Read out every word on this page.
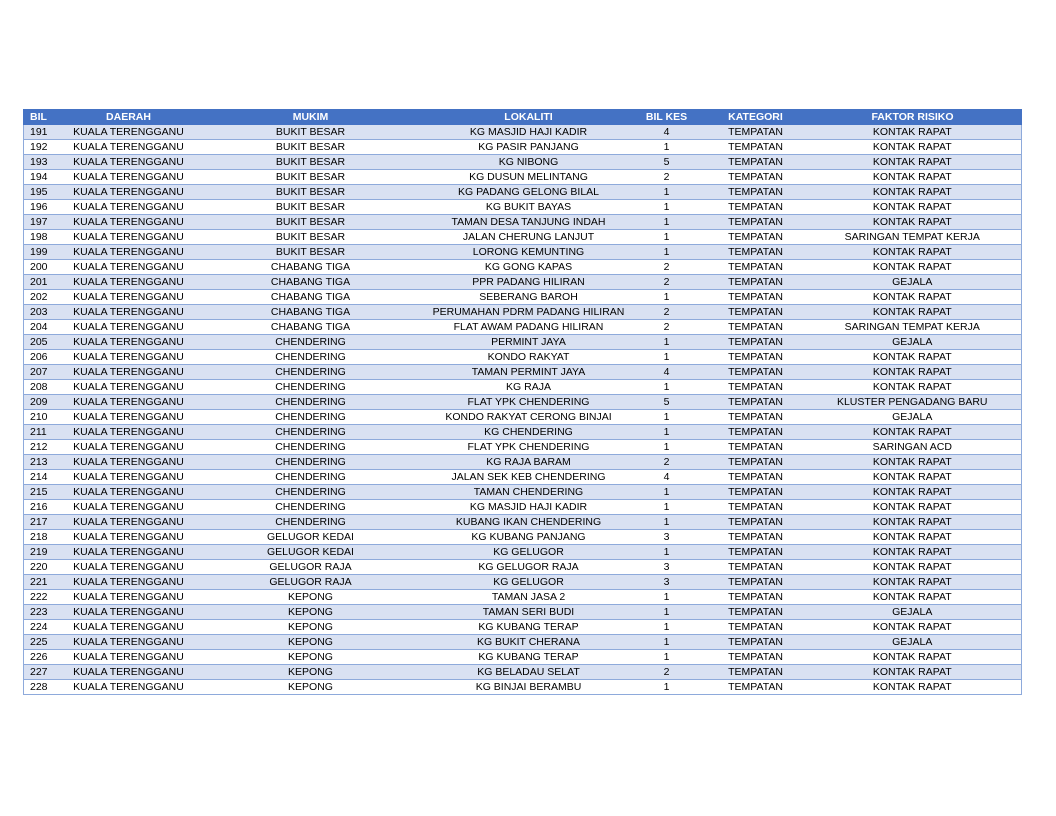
BIL	DAERAH	MUKIM	LOKALITI	BIL KES	KATEGORI	FAKTOR RISIKO
191	KUALA TERENGGANU	BUKIT BESAR	KG MASJID HAJI KADIR	4	TEMPATAN	KONTAK RAPAT
192	KUALA TERENGGANU	BUKIT BESAR	KG PASIR PANJANG	1	TEMPATAN	KONTAK RAPAT
193	KUALA TERENGGANU	BUKIT BESAR	KG NIBONG	5	TEMPATAN	KONTAK RAPAT
194	KUALA TERENGGANU	BUKIT BESAR	KG DUSUN MELINTANG	2	TEMPATAN	KONTAK RAPAT
195	KUALA TERENGGANU	BUKIT BESAR	KG PADANG GELONG BILAL	1	TEMPATAN	KONTAK RAPAT
196	KUALA TERENGGANU	BUKIT BESAR	KG BUKIT BAYAS	1	TEMPATAN	KONTAK RAPAT
197	KUALA TERENGGANU	BUKIT BESAR	TAMAN DESA TANJUNG INDAH	1	TEMPATAN	KONTAK RAPAT
198	KUALA TERENGGANU	BUKIT BESAR	JALAN CHERUNG LANJUT	1	TEMPATAN	SARINGAN TEMPAT KERJA
199	KUALA TERENGGANU	BUKIT BESAR	LORONG KEMUNTING	1	TEMPATAN	KONTAK RAPAT
200	KUALA TERENGGANU	CHABANG TIGA	KG GONG KAPAS	2	TEMPATAN	KONTAK RAPAT
201	KUALA TERENGGANU	CHABANG TIGA	PPR PADANG HILIRAN	2	TEMPATAN	GEJALA
202	KUALA TERENGGANU	CHABANG TIGA	SEBERANG BAROH	1	TEMPATAN	KONTAK RAPAT
203	KUALA TERENGGANU	CHABANG TIGA	PERUMAHAN PDRM PADANG HILIRAN	2	TEMPATAN	KONTAK RAPAT
204	KUALA TERENGGANU	CHABANG TIGA	FLAT AWAM PADANG HILIRAN	2	TEMPATAN	SARINGAN TEMPAT KERJA
205	KUALA TERENGGANU	CHENDERING	PERMINT JAYA	1	TEMPATAN	GEJALA
206	KUALA TERENGGANU	CHENDERING	KONDO RAKYAT	1	TEMPATAN	KONTAK RAPAT
207	KUALA TERENGGANU	CHENDERING	TAMAN PERMINT JAYA	4	TEMPATAN	KONTAK RAPAT
208	KUALA TERENGGANU	CHENDERING	KG RAJA	1	TEMPATAN	KONTAK RAPAT
209	KUALA TERENGGANU	CHENDERING	FLAT YPK CHENDERING	5	TEMPATAN	KLUSTER PENGADANG BARU
210	KUALA TERENGGANU	CHENDERING	KONDO RAKYAT CERONG BINJAI	1	TEMPATAN	GEJALA
211	KUALA TERENGGANU	CHENDERING	KG CHENDERING	1	TEMPATAN	KONTAK RAPAT
212	KUALA TERENGGANU	CHENDERING	FLAT YPK CHENDERING	1	TEMPATAN	SARINGAN ACD
213	KUALA TERENGGANU	CHENDERING	KG RAJA BARAM	2	TEMPATAN	KONTAK RAPAT
214	KUALA TERENGGANU	CHENDERING	JALAN SEK KEB CHENDERING	4	TEMPATAN	KONTAK RAPAT
215	KUALA TERENGGANU	CHENDERING	TAMAN CHENDERING	1	TEMPATAN	KONTAK RAPAT
216	KUALA TERENGGANU	CHENDERING	KG MASJID HAJI KADIR	1	TEMPATAN	KONTAK RAPAT
217	KUALA TERENGGANU	CHENDERING	KUBANG IKAN CHENDERING	1	TEMPATAN	KONTAK RAPAT
218	KUALA TERENGGANU	GELUGOR KEDAI	KG KUBANG PANJANG	3	TEMPATAN	KONTAK RAPAT
219	KUALA TERENGGANU	GELUGOR KEDAI	KG GELUGOR	1	TEMPATAN	KONTAK RAPAT
220	KUALA TERENGGANU	GELUGOR RAJA	KG GELUGOR RAJA	3	TEMPATAN	KONTAK RAPAT
221	KUALA TERENGGANU	GELUGOR RAJA	KG GELUGOR	3	TEMPATAN	KONTAK RAPAT
222	KUALA TERENGGANU	KEPONG	TAMAN JASA 2	1	TEMPATAN	KONTAK RAPAT
223	KUALA TERENGGANU	KEPONG	TAMAN SERI BUDI	1	TEMPATAN	GEJALA
224	KUALA TERENGGANU	KEPONG	KG KUBANG TERAP	1	TEMPATAN	KONTAK RAPAT
225	KUALA TERENGGANU	KEPONG	KG BUKIT CHERANA	1	TEMPATAN	GEJALA
226	KUALA TERENGGANU	KEPONG	KG KUBANG TERAP	1	TEMPATAN	KONTAK RAPAT
227	KUALA TERENGGANU	KEPONG	KG BELADAU SELAT	2	TEMPATAN	KONTAK RAPAT
228	KUALA TERENGGANU	KEPONG	KG BINJAI BERAMBU	1	TEMPATAN	KONTAK RAPAT
